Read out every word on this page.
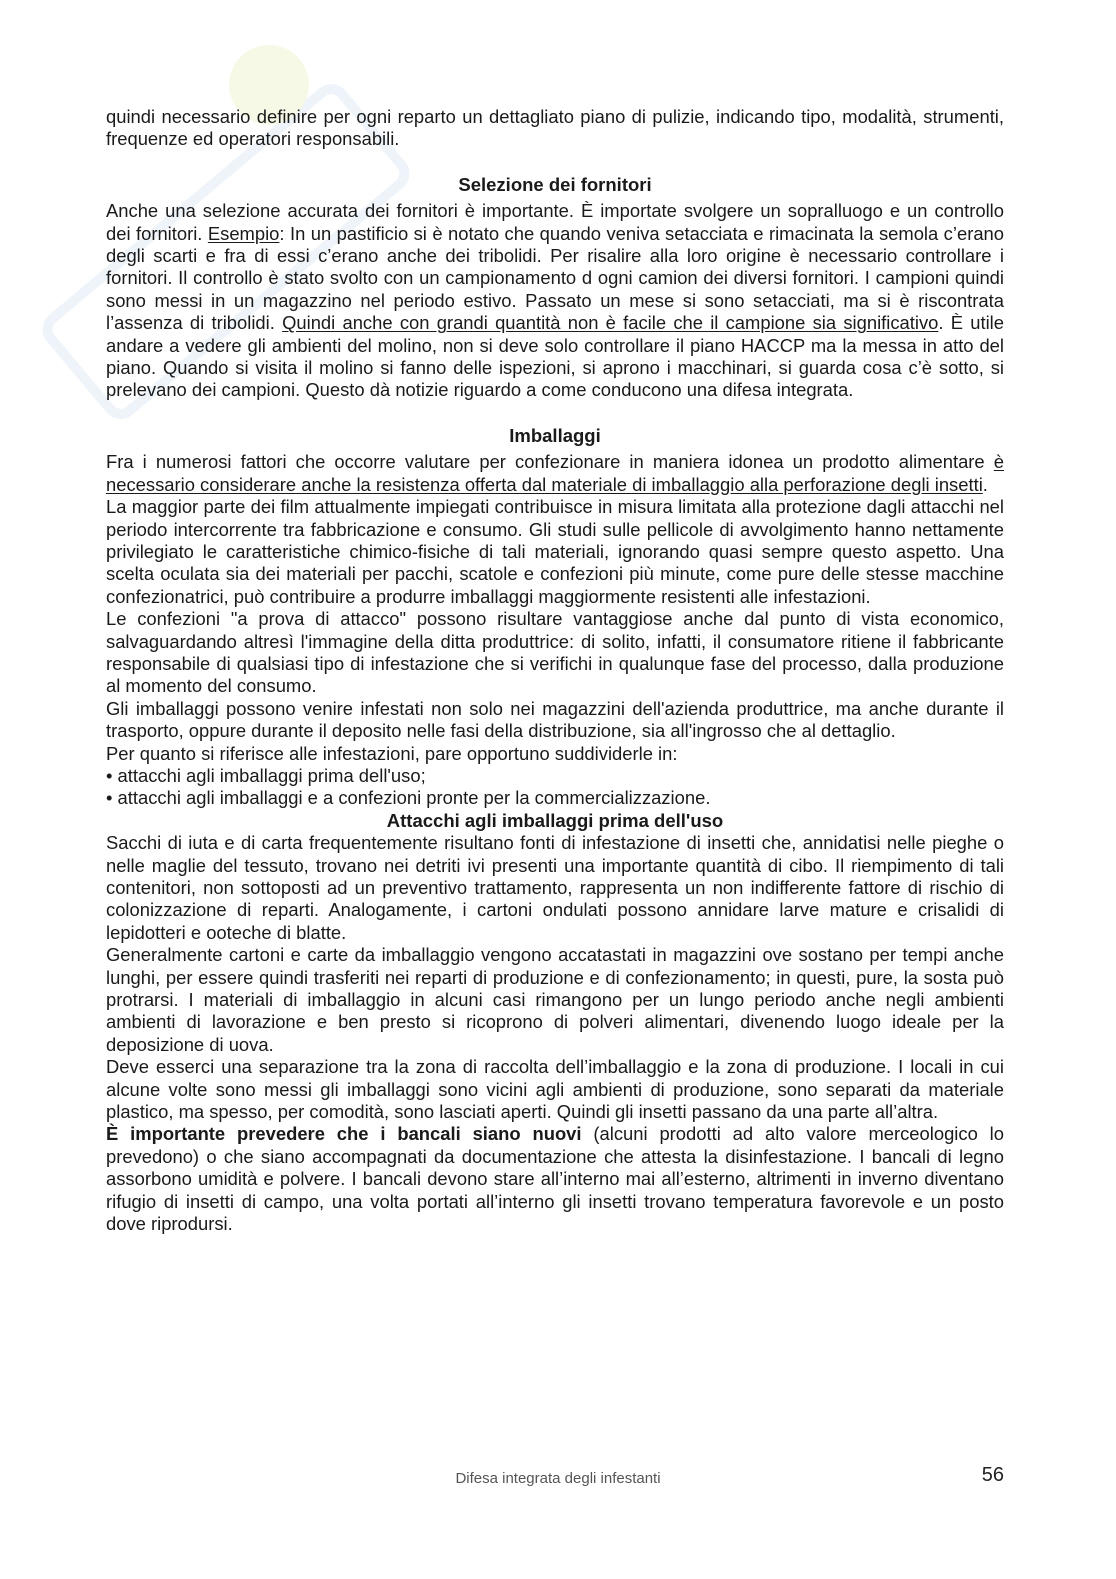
quindi necessario definire per ogni reparto un dettagliato piano di pulizie, indicando tipo, modalità, strumenti, frequenze ed operatori responsabili.

Selezione dei fornitori

Anche una selezione accurata dei fornitori è importante. È importate svolgere un sopralluogo e un controllo dei fornitori. Esempio: In un pastificio si è notato che quando veniva setacciata e rimacinata la semola c’erano degli scarti e fra di essi c’erano anche dei tribolidi. Per risalire alla loro origine è necessario controllare i fornitori. Il controllo è stato svolto con un campionamento d ogni camion dei diversi fornitori. I campioni quindi sono messi in un magazzino nel periodo estivo. Passato un mese si sono setacciati, ma si è riscontrata l’assenza di tribolidi. Quindi anche con grandi quantità non è facile che il campione sia significativo. È utile andare a vedere gli ambienti del molino, non si deve solo controllare il piano HACCP ma la messa in atto del piano. Quando si visita il molino si fanno delle ispezioni, si aprono i macchinari, si guarda cosa c’è sotto, si prelevano dei campioni. Questo dà notizie riguardo a come conducono una difesa integrata.

Imballaggi

Fra i numerosi fattori che occorre valutare per confezionare in maniera idonea un prodotto alimentare è necessario considerare anche la resistenza offerta dal materiale di imballaggio alla perforazione degli insetti.

La maggior parte dei film attualmente impiegati contribuisce in misura limitata alla protezione dagli attacchi nel periodo intercorrente tra fabbricazione e consumo. Gli studi sulle pellicole di avvolgimento hanno nettamente privilegiato le caratteristiche chimico-fisiche di tali materiali, ignorando quasi sempre questo aspetto. Una scelta oculata sia dei materiali per pacchi, scatole e confezioni più minute, come pure delle stesse macchine confezionatrici, può contribuire a produrre imballaggi maggiormente resistenti alle infestazioni.

Le confezioni "a prova di attacco" possono risultare vantaggiose anche dal punto di vista economico, salvaguardando altresì l'immagine della ditta produttrice: di solito, infatti, il consumatore ritiene il fabbricante responsabile di qualsiasi tipo di infestazione che si verifichi in qualunque fase del processo, dalla produzione al momento del consumo.

Gli imballaggi possono venire infestati non solo nei magazzini dell'azienda produttrice, ma anche durante il trasporto, oppure durante il deposito nelle fasi della distribuzione, sia all'ingrosso che al dettaglio.

Per quanto si riferisce alle infestazioni, pare opportuno suddividerle in:

• attacchi agli imballaggi prima dell'uso;

• attacchi agli imballaggi e a confezioni pronte per la commercializzazione.

Attacchi agli imballaggi prima dell'uso

Sacchi di iuta e di carta frequentemente risultano fonti di infestazione di insetti che, annidatisi nelle pieghe o nelle maglie del tessuto, trovano nei detriti ivi presenti una importante quantità di cibo. Il riempimento di tali contenitori, non sottoposti ad un preventivo trattamento, rappresenta un non indifferente fattore di rischio di colonizzazione di reparti. Analogamente, i cartoni ondulati possono annidare larve mature e crisalidi di lepidotteri e ooteche di blatte.

Generalmente cartoni e carte da imballaggio vengono accatastati in magazzini ove sostano per tempi anche lunghi, per essere quindi trasferiti nei reparti di produzione e di confezionamento; in questi, pure, la sosta può protrarsi. I materiali di imballaggio in alcuni casi rimangono per un lungo periodo anche negli ambienti ambienti di lavorazione e ben presto si ricoprono di polveri alimentari, divenendo luogo ideale per la deposizione di uova.

Deve esserci una separazione tra la zona di raccolta dell’imballaggio e la zona di produzione. I locali in cui alcune volte sono messi gli imballaggi sono vicini agli ambienti di produzione, sono separati da materiale plastico, ma spesso, per comodità, sono lasciati aperti. Quindi gli insetti passano da una parte all’altra.

È importante prevedere che i bancali siano nuovi (alcuni prodotti ad alto valore merceologico lo prevedono) o che siano accompagnati da documentazione che attesta la disinfestazione. I bancali di legno assorbono umidità e polvere. I bancali devono stare all’interno mai all’esterno, altrimenti in inverno diventano rifugio di insetti di campo, una volta portati all’interno gli insetti trovano temperatura favorevole e un posto dove riprodursi.

Difesa integrata degli infestanti	56
